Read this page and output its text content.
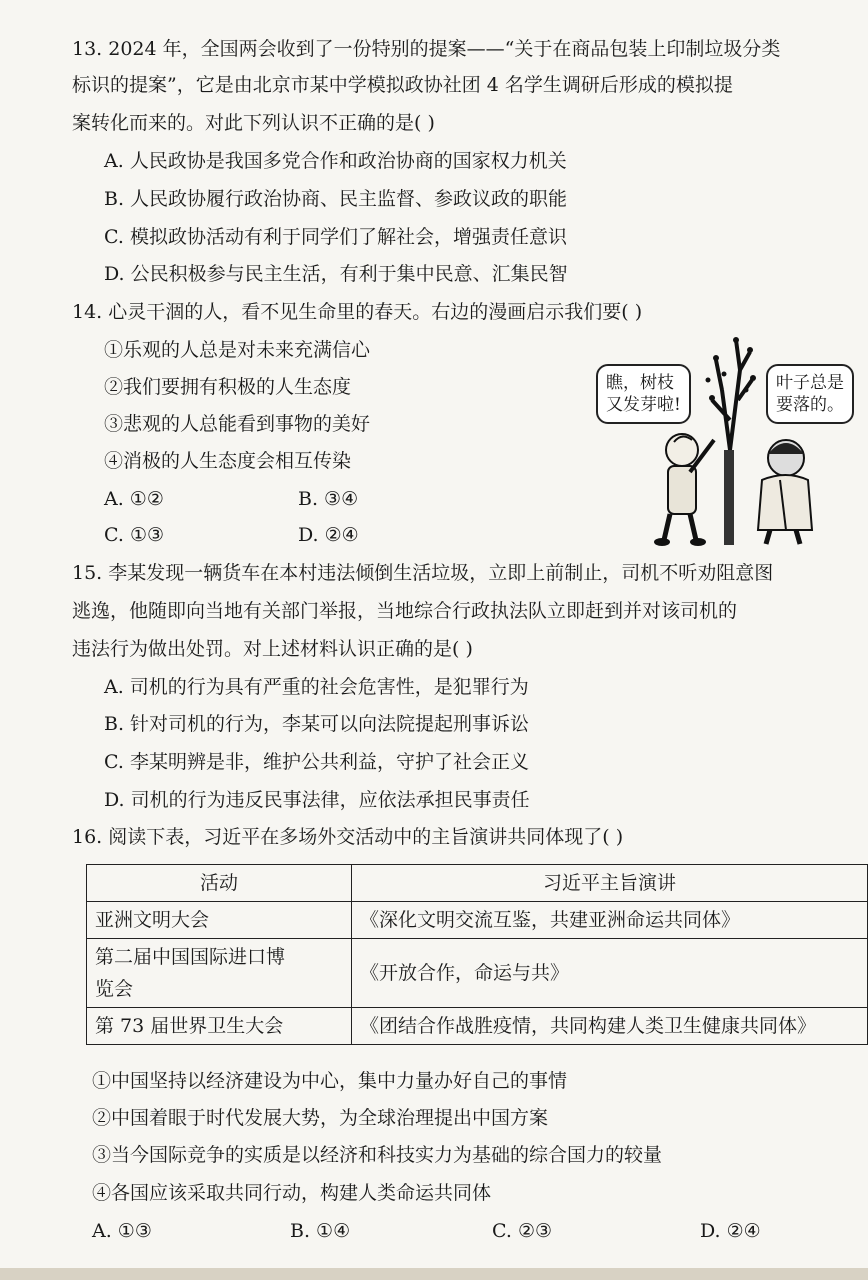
13. 2024 年，全国两会收到了一份特别的提案——“关于在商品包装上印制垃圾分类
标识的提案”，它是由北京市某中学模拟政协社团 4 名学生调研后形成的模拟提
案转化而来的。对此下列认识不正确的是( )
A. 人民政协是我国多党合作和政治协商的国家权力机关
B. 人民政协履行政治协商、民主监督、参政议政的职能
C. 模拟政协活动有利于同学们了解社会，增强责任意识
D. 公民积极参与民主生活，有利于集中民意、汇集民智
14. 心灵干涸的人，看不见生命里的春天。右边的漫画启示我们要( )
①乐观的人总是对未来充满信心
②我们要拥有积极的人生态度
③悲观的人总能看到事物的美好
④消极的人生态度会相互传染
A. ①②	B. ③④
C. ①③	D. ②④
瞧，树枝
又发芽啦!
叶子总是
要落的。
15. 李某发现一辆货车在本村违法倾倒生活垃圾，立即上前制止，司机不听劝阻意图
逃逸，他随即向当地有关部门举报，当地综合行政执法队立即赶到并对该司机的
违法行为做出处罚。对上述材料认识正确的是( )
A. 司机的行为具有严重的社会危害性，是犯罪行为
B. 针对司机的行为，李某可以向法院提起刑事诉讼
C. 李某明辨是非，维护公共利益，守护了社会正义
D. 司机的行为违反民事法律，应依法承担民事责任
16. 阅读下表，习近平在多场外交活动中的主旨演讲共同体现了( )
活动	习近平主旨演讲
亚洲文明大会	《深化文明交流互鉴，共建亚洲命运共同体》

第二届中国国际进口博
览会	《开放合作，命运与共》
第 73 届世界卫生大会	《团结合作战胜疫情，共同构建人类卫生健康共同体》
①中国坚持以经济建设为中心，集中力量办好自己的事情
②中国着眼于时代发展大势，为全球治理提出中国方案
③当今国际竞争的实质是以经济和科技实力为基础的综合国力的较量
④各国应该采取共同行动，构建人类命运共同体
A. ①③	B. ①④	C. ②③	D. ②④
